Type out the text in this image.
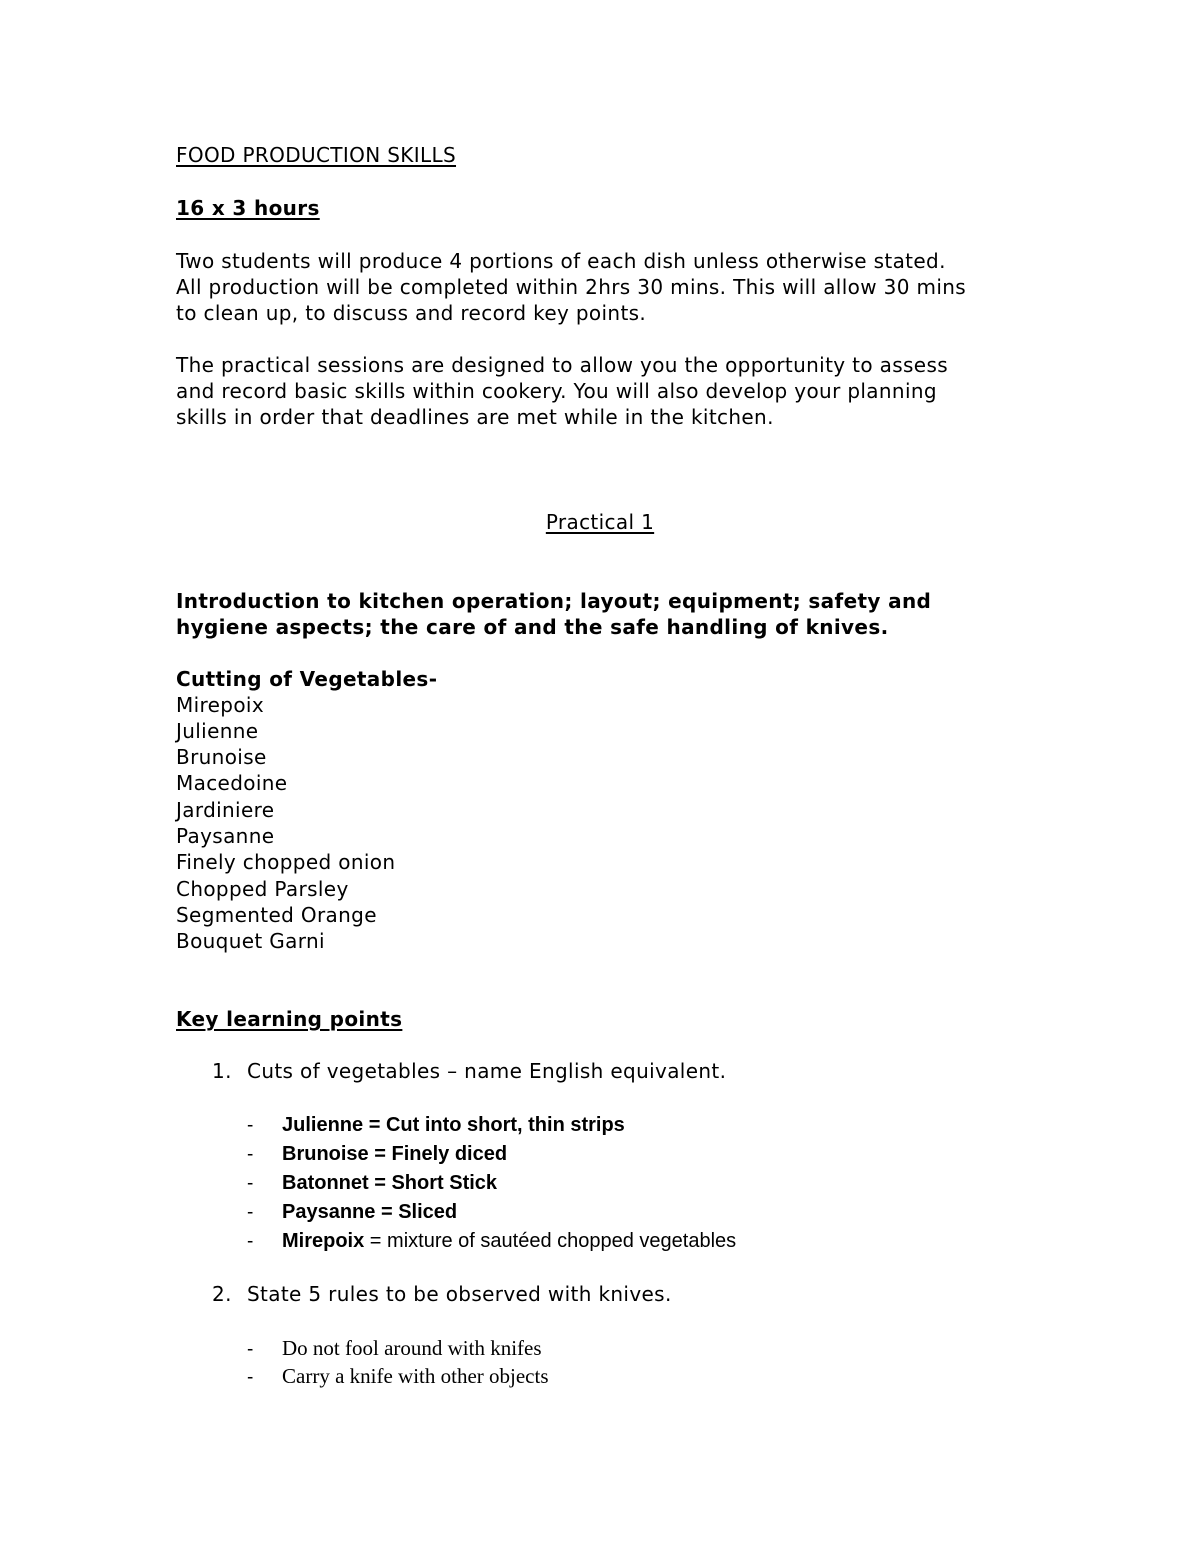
FOOD PRODUCTION SKILLS
16 x 3 hours
Two students will produce 4 portions of each dish unless otherwise stated.
All production will be completed within 2hrs 30 mins. This will allow 30 mins
to clean up, to discuss and record key points.
The practical sessions are designed to allow you the opportunity to assess
and record basic skills within cookery. You will also develop your planning
skills in order that deadlines are met while in the kitchen.
Practical 1
Introduction to kitchen operation; layout; equipment; safety and
hygiene aspects; the care of and the safe handling of knives.
Cutting of Vegetables-
Mirepoix
Julienne
Brunoise
Macedoine
Jardiniere
Paysanne
Finely chopped onion
Chopped Parsley
Segmented Orange
Bouquet Garni
Key learning points
1. Cuts of vegetables – name English equivalent.
- Julienne = Cut into short, thin strips
- Brunoise = Finely diced
- Batonnet = Short Stick
- Paysanne = Sliced
- Mirepoix = mixture of sautéed chopped vegetables
2. State 5 rules to be observed with knives.
- Do not fool around with knifes
- Carry a knife with other objects
